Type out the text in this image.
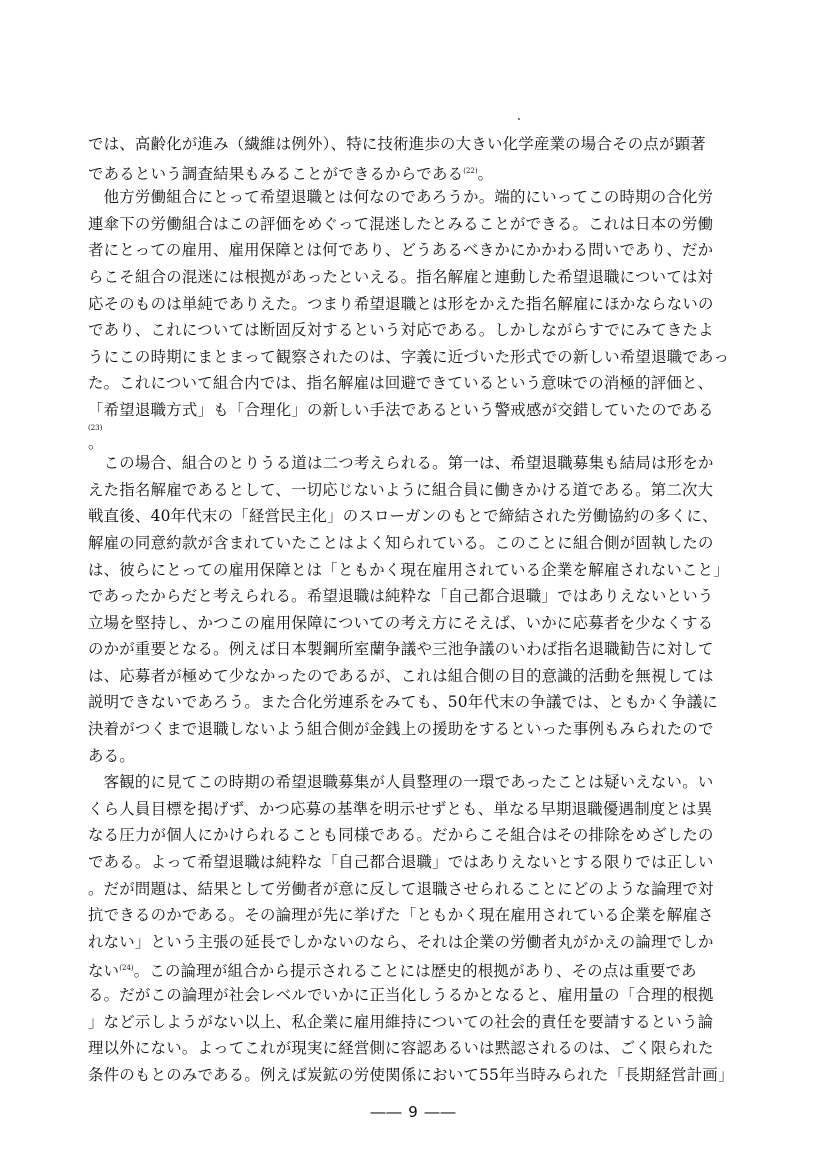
では、高齢化が進み（繊維は例外）、特に技術進歩の大きい化学産業の場合その点が顕著
であるという調査結果もみることができるからである$^{(22)}$。
　他方労働組合にとって希望退職とは何なのであろうか。端的にいってこの時期の合化労
連傘下の労働組合はこの評価をめぐって混迷したとみることができる。これは日本の労働
者にとっての雇用、雇用保障とは何であり、どうあるべきかにかかわる問いであり、だか
らこそ組合の混迷には根拠があったといえる。指名解雇と連動した希望退職については対
応そのものは単純でありえた。つまり希望退職とは形をかえた指名解雇にほかならないの
であり、これについては断固反対するという対応である。しかしながらすでにみてきたよ
うにこの時期にまとまって観察されたのは、字義に近づいた形式での新しい希望退職であっ
た。これについて組合内では、指名解雇は回避できているという意味での消極的評価と、
「希望退職方式」も「合理化」の新しい手法であるという警戒感が交錯していたのである
(23)
。
　この場合、組合のとりうる道は二つ考えられる。第一は、希望退職募集も結局は形をか
えた指名解雇であるとして、一切応じないように組合員に働きかける道である。第二次大
戦直後、40年代末の「経営民主化」のスローガンのもとで締結された労働協約の多くに、
解雇の同意約款が含まれていたことはよく知られている。このことに組合側が固執したの
は、彼らにとっての雇用保障とは「ともかく現在雇用されている企業を解雇されないこと」
であったからだと考えられる。希望退職は純粋な「自己都合退職」ではありえないという
立場を堅持し、かつこの雇用保障についての考え方にそえば、いかに応募者を少なくする
のかが重要となる。例えば日本製鋼所室蘭争議や三池争議のいわば指名退職勧告に対して
は、応募者が極めて少なかったのであるが、これは組合側の目的意識的活動を無視しては
説明できないであろう。また合化労連系をみても、50年代末の争議では、ともかく争議に
決着がつくまで退職しないよう組合側が金銭上の援助をするといった事例もみられたので
ある。
　客観的に見てこの時期の希望退職募集が人員整理の一環であったことは疑いえない。い
くら人員目標を掲げず、かつ応募の基準を明示せずとも、単なる早期退職優遇制度とは異
なる圧力が個人にかけられることも同様である。だからこそ組合はその排除をめざしたの
である。よって希望退職は純粋な「自己都合退職」ではありえないとする限りでは正しい
。だが問題は、結果として労働者が意に反して退職させられることにどのような論理で対
抗できるのかである。その論理が先に挙げた「ともかく現在雇用されている企業を解雇さ
れない」という主張の延長でしかないのなら、それは企業の労働者丸がかえの論理でしか
ない$^{(24)}$。この論理が組合から提示されることには歴史的根拠があり、その点は重要であ
る。だがこの論理が社会レベルでいかに正当化しうるかとなると、雇用量の「合理的根拠
」など示しようがない以上、私企業に雇用維持についての社会的責任を要請するという論
理以外にない。よってこれが現実に経営側に容認あるいは黙認されるのは、ごく限られた
条件のもとのみである。例えば炭鉱の労使関係において55年当時みられた「長期経営計画」
―― 9 ――
